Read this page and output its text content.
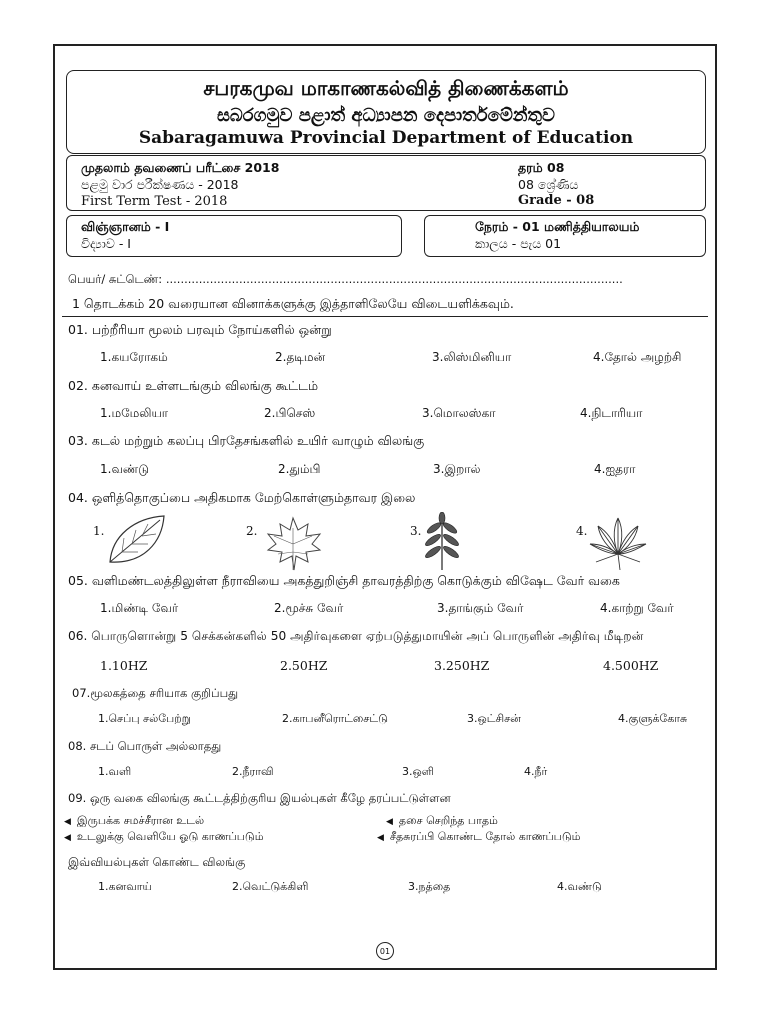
சபரகமுவ மாகாணகல்வித் திணைக்களம்
සබරගමුව පළාත් අධ්‍යාපන දෙපාර්තමේන්තුව
Sabaragamuwa Provincial Department of Education
முதலாம் தவணைப் பரீட்சை 2018
පළමු වාර පරීක්ෂණය - 2018
First Term Test - 2018
தரம் 08
08 ශ්‍රේණිය
Grade - 08
விஞ்ஞானம் - I
විද්‍යාව - I
நேரம் - 01 மணித்தியாலயம்
කාලය - පැය 01
பெயர்/ சுட்டெண்: .............................................................................................................................
1 தொடக்கம் 20 வரையான வினாக்களுக்கு இத்தாளிலேயே விடையளிக்கவும்.
01. பற்றீரியா மூலம் பரவும் நோய்களில் ஒன்று
1.கயரோகம்	2.தடிமன்	3.லிஸ்மினியா	4.தோல் அழற்சி
02. கனவாய் உள்ளடங்கும் விலங்கு கூட்டம்
1.மமேலியா	2.பிசெஸ்	3.மொலஸ்கா	4.நிடாரியா
03. கடல் மற்றும் கலப்பு பிரதேசங்களில் உயிர் வாழும் விலங்கு
1.வண்டு	2.தும்பி	3.இறால்	4.ஐதரா
04. ஒளித்தொகுப்பை அதிகமாக மேற்கொள்ளும்தாவர இலை
1.	2.	3.	4.
05. வளிமண்டலத்திலுள்ள நீராவியை அகத்துறிஞ்சி தாவரத்திற்கு கொடுக்கும் விஷேட வேர் வகை
1.மிண்டி வேர்	2.மூச்சு வேர்	3.தாங்கும் வேர்	4.காற்று வேர்
06. பொருளொன்று 5 செக்கன்களில் 50 அதிர்வுகளை ஏற்படுத்துமாயின் அப் பொருளின் அதிர்வு மீடிறன்
1.10HZ	2.50HZ	3.250HZ	4.500HZ
07.மூலகத்தை சரியாக குறிப்பது
1.செப்பு சல்பேற்று	2.காபனீரொட்சைட்டு	3.ஒட்சிசன்	4.குளுக்கோசு
08. சடப் பொருள் அல்லாதது
1.வளி	2.நீராவி	3.ஒளி	4.நீர்
09. ஒரு வகை விலங்கு கூட்டத்திற்குரிய இயல்புகள் கீழே தரப்பட்டுள்ளன
◀ இருபக்க சமச்சீரான உடல்	◀ தசை செறிந்த பாதம்
◀ உடலுக்கு வெளியே ஓடு காணப்படும்	◀ சீதசுரப்பி கொண்ட தோல் காணப்படும்
இவ்வியல்புகள் கொண்ட விலங்கு
1.கனவாய்	2.வெட்டுக்கிளி	3.நத்தை	4.வண்டு
01
